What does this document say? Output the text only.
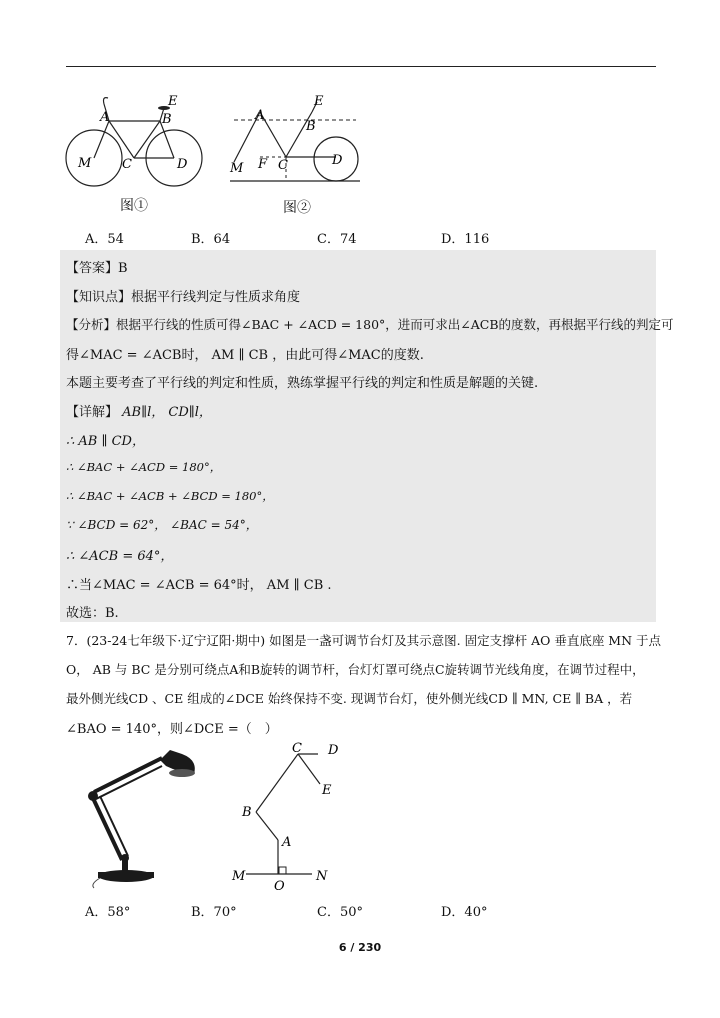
E
A	B
M C	D
图①
E
A
B
M F C	D
图②
A．54	B．64	C．74	D．116
【答案】B
【知识点】根据平行线判定与性质求角度
【分析】根据平行线的性质可得∠BAC + ∠ACD = 180°，进而可求出∠ACB的度数，再根据平行线的判定可
得∠MAC = ∠ACB时， AM ∥ CB ，由此可得∠MAC的度数.
本题主要考查了平行线的判定和性质，熟练掌握平行线的判定和性质是解题的关键.
【详解】 AB∥l， CD∥l，
∴ AB ∥ CD，
∴ ∠BAC + ∠ACD = 180°，
∴ ∠BAC + ∠ACB + ∠BCD = 180°，
∵ ∠BCD = 62°， ∠BAC = 54°，
∴ ∠ACB = 64°，
∴当∠MAC = ∠ACB = 64°时， AM ∥ CB .
故选：B.
7．(23-24七年级下·辽宁辽阳·期中) 如图是一盏可调节台灯及其示意图. 固定支撑杆 AO 垂直底座 MN 于点
O， AB 与 BC 是分别可绕点A和B旋转的调节杆，台灯灯罩可绕点C旋转调节光线角度，在调节过程中，
最外侧光线CD 、CE 组成的∠DCE 始终保持不变. 现调节台灯，使外侧光线CD ∥ MN, CE ∥ BA ，若
∠BAO = 140°，则∠DCE =（　）
C D
E
B
A
M
O
N
A．58°	B．70°	C．50°	D．40°
6 / 230
